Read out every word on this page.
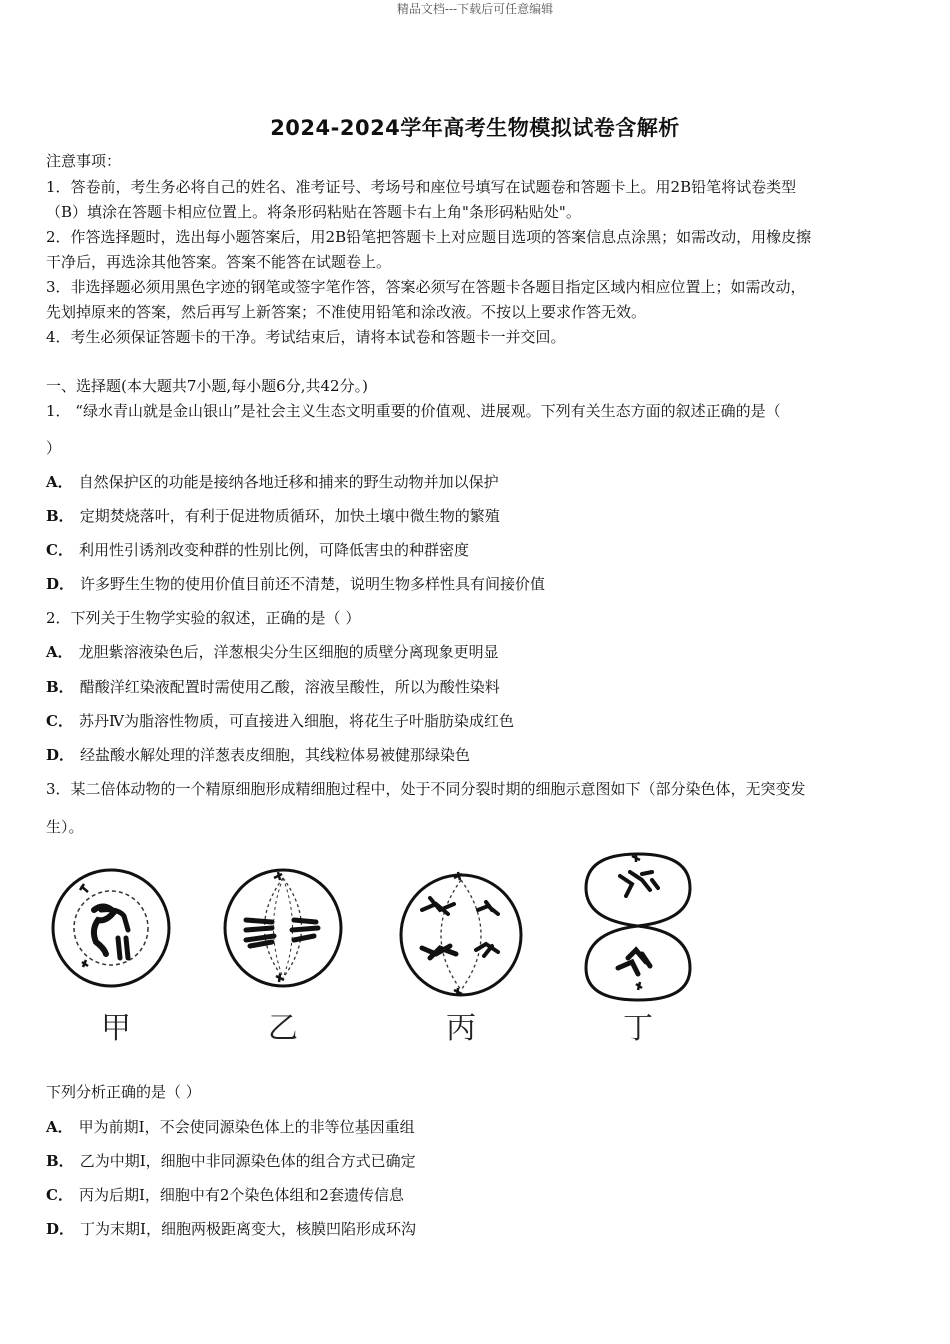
精品文档---下载后可任意编辑
2024-2024学年高考生物模拟试卷含解析
注意事项：
1．答卷前，考生务必将自己的姓名、准考证号、考场号和座位号填写在试题卷和答题卡上。用2B铅笔将试卷类型
（B）填涂在答题卡相应位置上。将条形码粘贴在答题卡右上角"条形码粘贴处"。
2．作答选择题时，选出每小题答案后，用2B铅笔把答题卡上对应题目选项的答案信息点涂黑；如需改动，用橡皮擦
干净后，再选涂其他答案。答案不能答在试题卷上。
3．非选择题必须用黑色字迹的钢笔或签字笔作答，答案必须写在答题卡各题目指定区域内相应位置上；如需改动，
先划掉原来的答案，然后再写上新答案；不准使用铅笔和涂改液。不按以上要求作答无效。
4．考生必须保证答题卡的干净。考试结束后，请将本试卷和答题卡一并交回。
一、选择题(本大题共7小题,每小题6分,共42分。)
1． “绿水青山就是金山银山”是社会主义生态文明重要的价值观、进展观。下列有关生态方面的叙述正确的是（
）
A． 自然保护区的功能是接纳各地迁移和捕来的野生动物并加以保护
B． 定期焚烧落叶，有利于促进物质循环，加快土壤中微生物的繁殖
C． 利用性引诱剂改变种群的性别比例，可降低害虫的种群密度
D． 许多野生生物的使用价值目前还不清楚，说明生物多样性具有间接价值
2．下列关于生物学实验的叙述，正确的是（ ）
A． 龙胆紫溶液染色后，洋葱根尖分生区细胞的质壁分离现象更明显
B． 醋酸洋红染液配置时需使用乙酸，溶液呈酸性，所以为酸性染料
C． 苏丹Ⅳ为脂溶性物质，可直接进入细胞，将花生子叶脂肪染成红色
D． 经盐酸水解处理的洋葱表皮细胞，其线粒体易被健那绿染色
3．某二倍体动物的一个精原细胞形成精细胞过程中，处于不同分裂时期的细胞示意图如下（部分染色体，无突变发
生）。
甲	乙	丙	丁
下列分析正确的是（ ）
A． 甲为前期Ⅰ，不会使同源染色体上的非等位基因重组
B． 乙为中期Ⅰ，细胞中非同源染色体的组合方式已确定
C． 丙为后期Ⅰ，细胞中有2个染色体组和2套遗传信息
D． 丁为末期Ⅰ，细胞两极距离变大，核膜凹陷形成环沟
